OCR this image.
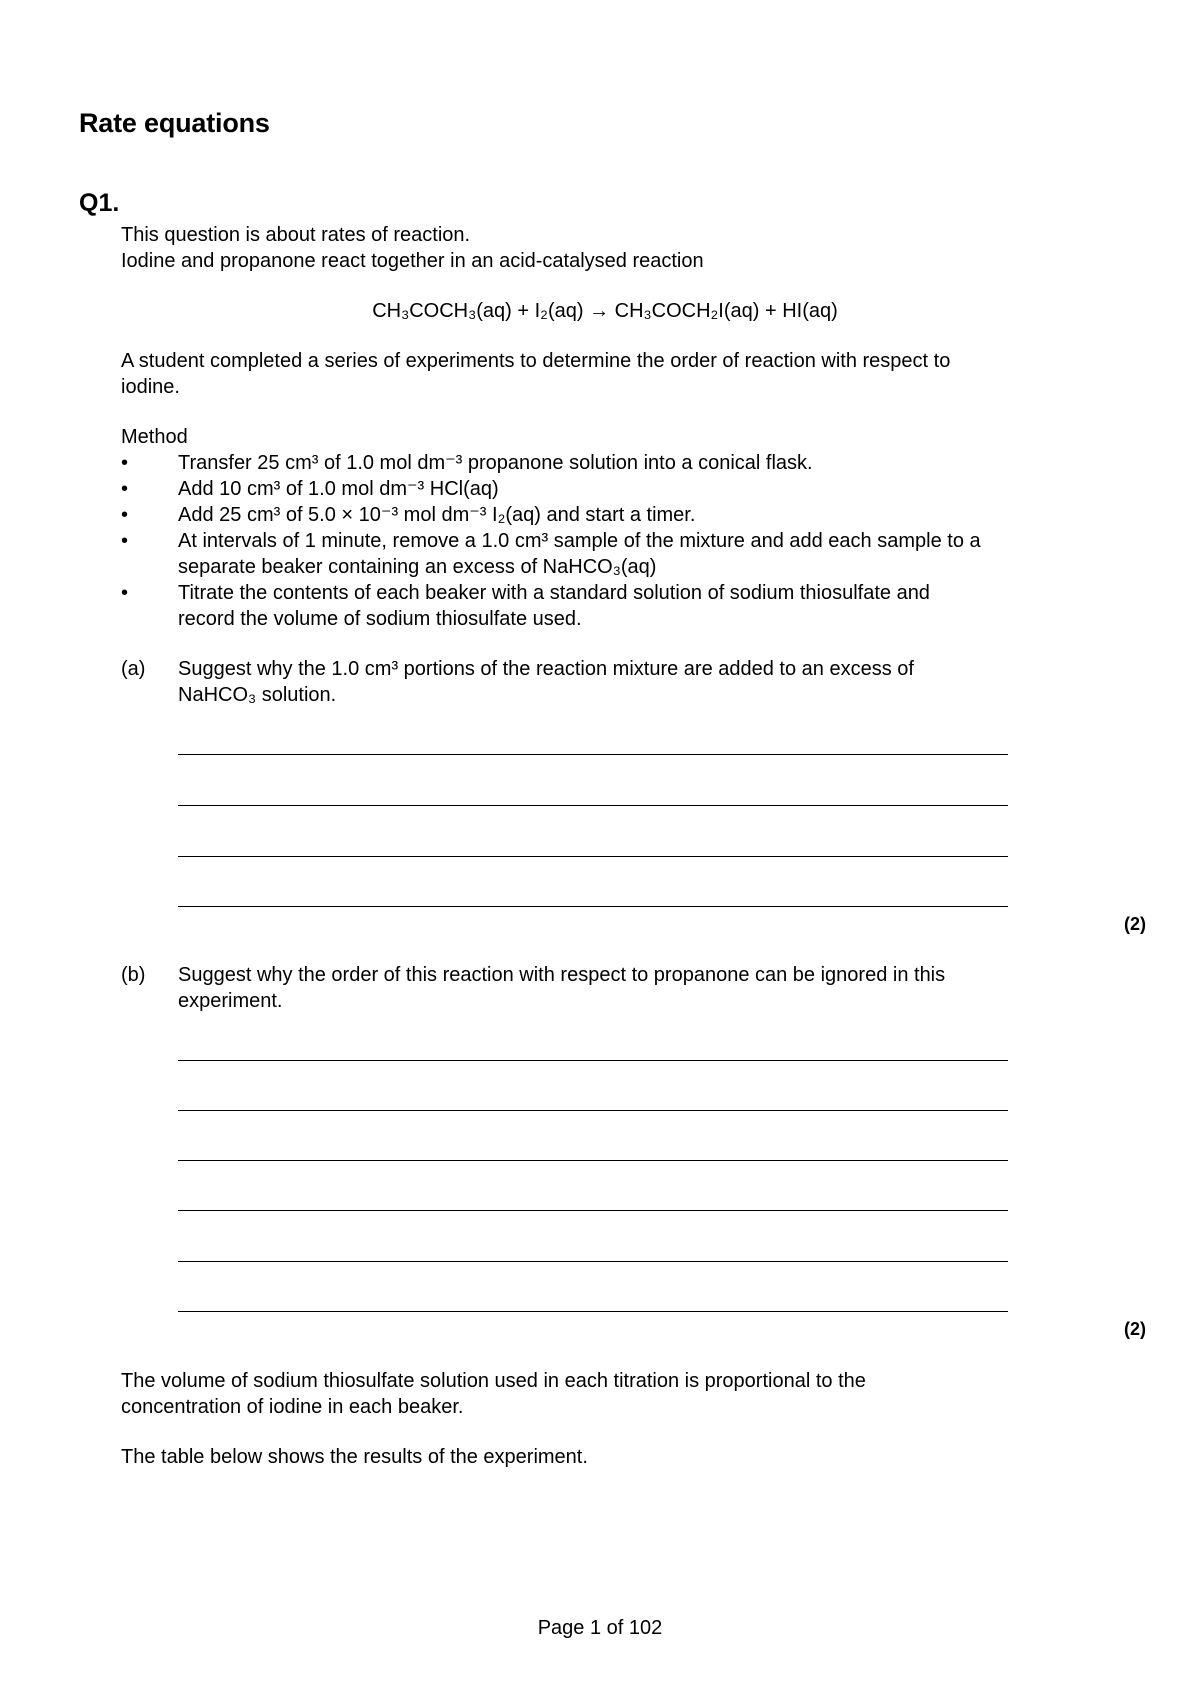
Rate equations
Q1.
This question is about rates of reaction.
Iodine and propanone react together in an acid-catalysed reaction
CH₃COCH₃(aq) + I₂(aq) → CH₃COCH₂I(aq) + HI(aq)
A student completed a series of experiments to determine the order of reaction with respect to
iodine.
Method
•	Transfer 25 cm³ of 1.0 mol dm⁻³ propanone solution into a conical flask.
•	Add 10 cm³ of 1.0 mol dm⁻³ HCl(aq)
•	Add 25 cm³ of 5.0 × 10⁻³ mol dm⁻³ I₂(aq) and start a timer.
•	At intervals of 1 minute, remove a 1.0 cm³ sample of the mixture and add each sample to a
separate beaker containing an excess of NaHCO₃(aq)
•	Titrate the contents of each beaker with a standard solution of sodium thiosulfate and
record the volume of sodium thiosulfate used.
(a) Suggest why the 1.0 cm³ portions of the reaction mixture are added to an excess of
NaHCO₃ solution.
(2)
(b) Suggest why the order of this reaction with respect to propanone can be ignored in this
experiment.
(2)
The volume of sodium thiosulfate solution used in each titration is proportional to the
concentration of iodine in each beaker.
The table below shows the results of the experiment.
Page 1 of 102
